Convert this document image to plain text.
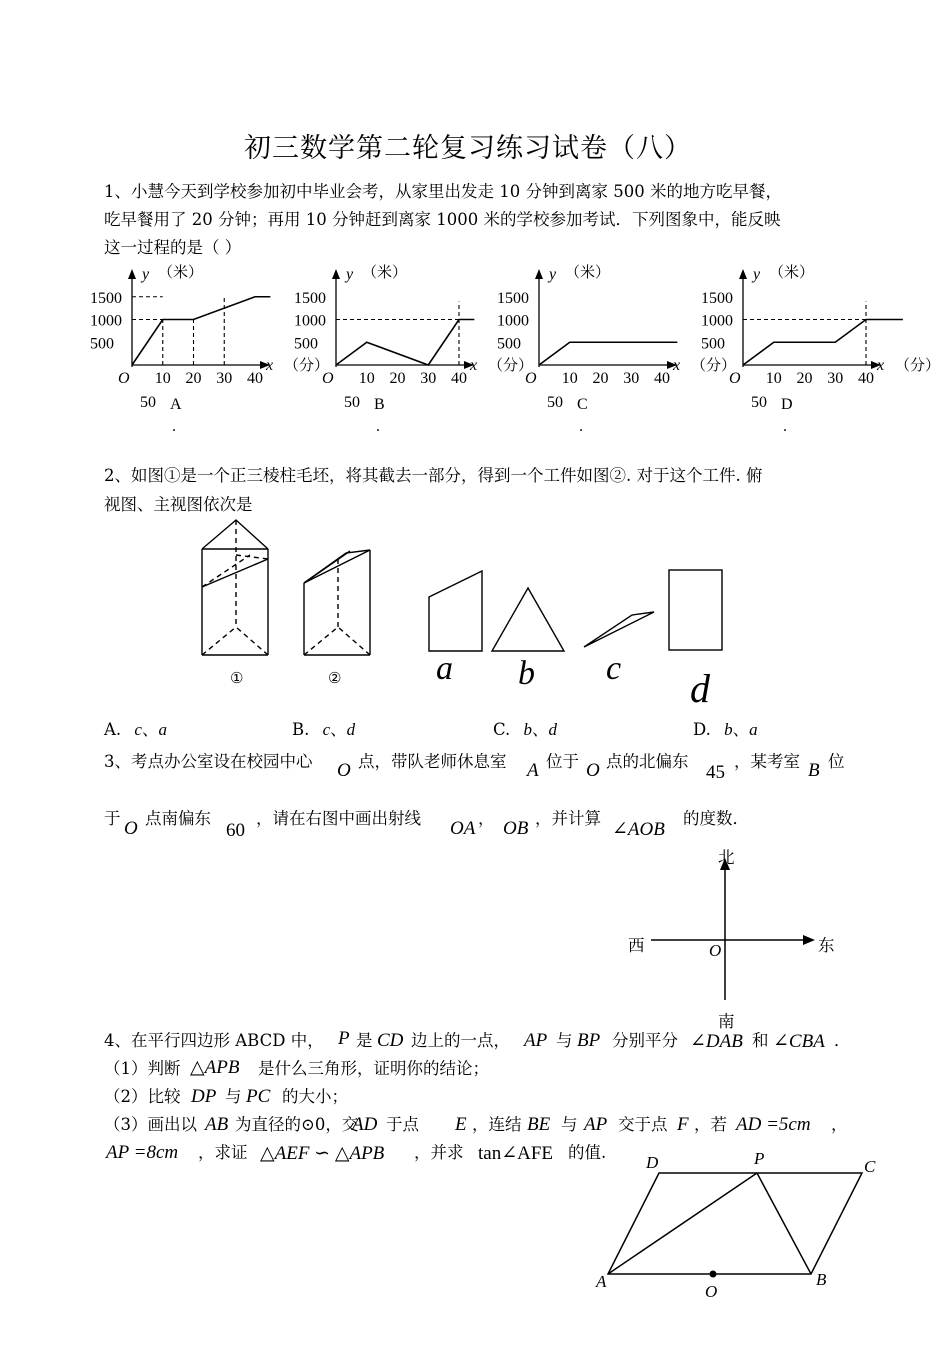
初三数学第二轮复习练习试卷（八）
1、小慧今天到学校参加初中毕业会考，从家里出发走 10 分钟到离家 500 米的地方吃早餐，
吃早餐用了 20 分钟；再用 10 分钟赶到离家 1000 米的学校参加考试．下列图象中，能反映
这一过程的是（ ）
y （米）
x （分）
O
1500
1000
500
10 20 30 40
50 A
.
y （米）
x （分）
O
1500
1000
500
10 20 30 40
50 B
.
y （米）
x （分）
O
1500
1000
500
10 20 30 40
50 C
.
y （米）
x （分）
O
1500
1000
500
10 20 30 40
50 D
.
2、如图①是一个正三棱柱毛坯，将其截去一部分，得到一个工件如图②. 对于这个工件. 俯
视图、主视图依次是
①	②	a b c d
A. c、a	B. c、d	C. b、d	D. b、a
3、考点办公室设在校园中心 O 点，带队老师休息室 A 位于 O 点的北偏东
45
，某考室 B 位
于 O 点南偏东
60
，请在右图中画出射线 OA ， OB ，并计算
∠AOB
的度数．
北
南
东
西	O
4、在平行四边形 ABCD 中， P 是 CD 边上的一点， AP 与 BP 分别平分 ∠DAB 和 ∠CBA ．
（1）判断 △APB 是什么三角形，证明你的结论；
（2）比较 DP 与 PC 的大小；
（3）画出以 AB 为直径的⊙0，交
AD 于点 E ，连结 BE 与 AP 交于点 F ，若 AD =5cm ，
AP =8cm ，求证 △AEF ∽ △APB ，并求 tan∠AFE 的值.
D	P	C
A	B
O
